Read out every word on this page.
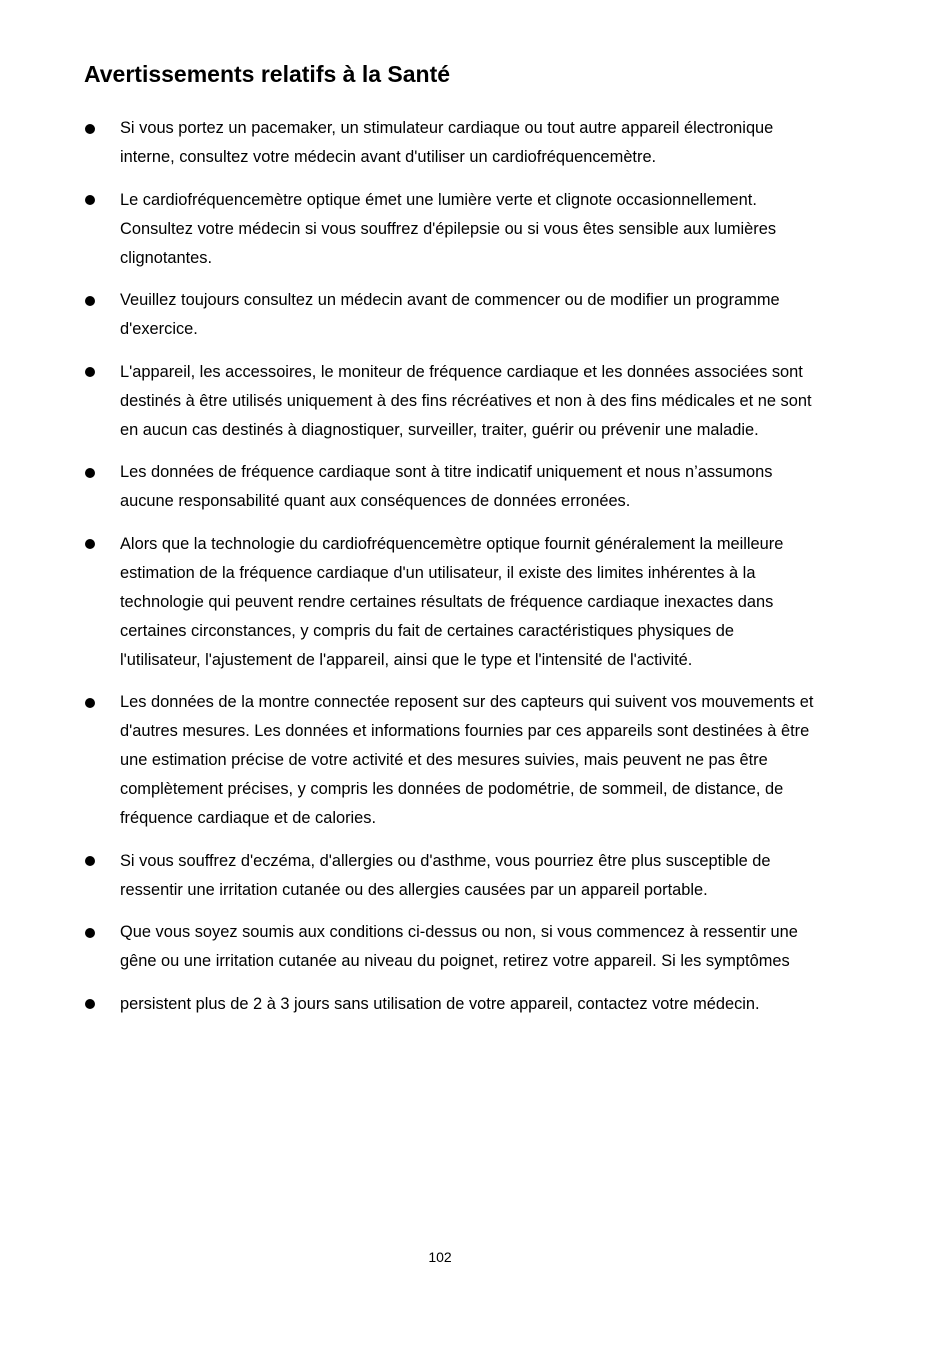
Avertissements relatifs à la Santé
Si vous portez un pacemaker, un stimulateur cardiaque ou tout autre appareil électronique interne, consultez votre médecin avant d'utiliser un cardiofréquencemètre.
Le cardiofréquencemètre optique émet une lumière verte et clignote occasionnellement. Consultez votre médecin si vous souffrez d'épilepsie ou si vous êtes sensible aux lumières clignotantes.
Veuillez toujours consultez un médecin avant de commencer ou de modifier un programme d'exercice.
L'appareil, les accessoires, le moniteur de fréquence cardiaque et les données associées sont destinés à être utilisés uniquement à des fins récréatives et non à des fins médicales et ne sont en aucun cas destinés à diagnostiquer, surveiller, traiter, guérir ou prévenir une maladie.
Les données de fréquence cardiaque sont à titre indicatif uniquement et nous n’assumons aucune responsabilité quant aux conséquences de données erronées.
Alors que la technologie du cardiofréquencemètre optique fournit généralement la meilleure estimation de la fréquence cardiaque d'un utilisateur, il existe des limites inhérentes à la technologie qui peuvent rendre certaines résultats de fréquence cardiaque inexactes dans certaines circonstances, y compris du fait de certaines caractéristiques physiques de l'utilisateur, l'ajustement de l'appareil, ainsi que le type et l'intensité de l'activité.
Les données de la montre connectée reposent sur des capteurs qui suivent vos mouvements et d'autres mesures. Les données et informations fournies par ces appareils sont destinées à être une estimation précise de votre activité et des mesures suivies, mais peuvent ne pas être complètement précises, y compris les données de podométrie, de sommeil, de distance, de fréquence cardiaque et de calories.
Si vous souffrez d'eczéma, d'allergies ou d'asthme, vous pourriez être plus susceptible de ressentir une irritation cutanée ou des allergies causées par un appareil portable.
Que vous soyez soumis aux conditions ci-dessus ou non, si vous commencez à ressentir une gêne ou une irritation cutanée au niveau du poignet, retirez votre appareil. Si les symptômes
persistent plus de 2 à 3 jours sans utilisation de votre appareil, contactez votre médecin.
102
